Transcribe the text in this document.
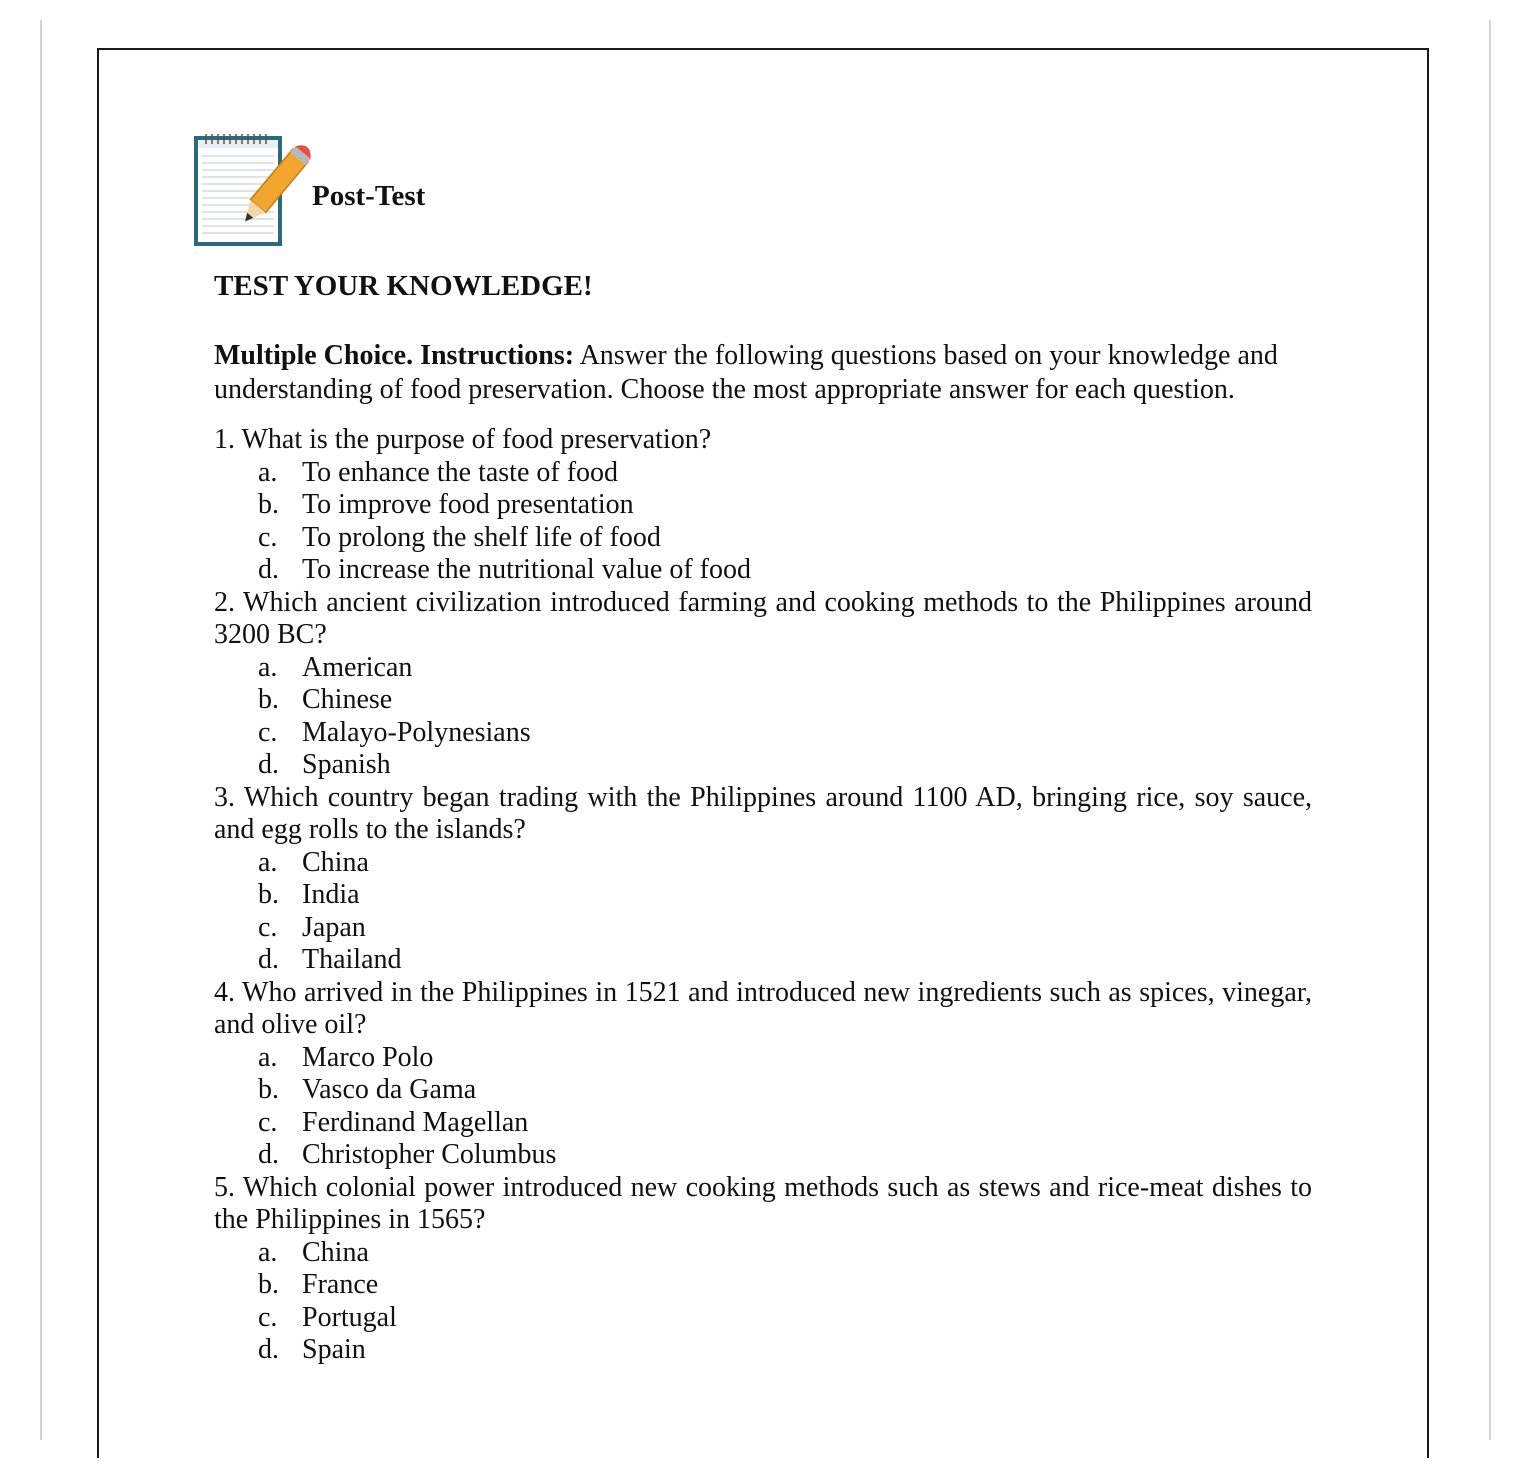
Post-Test
TEST YOUR KNOWLEDGE!

Multiple Choice. Instructions: Answer the following questions based on your knowledge and understanding of food preservation. Choose the most appropriate answer for each question.

1. What is the purpose of food preservation?

a. To enhance the taste of food
b. To improve food presentation
c. To prolong the shelf life of food
d. To increase the nutritional value of food

2. Which ancient civilization introduced farming and cooking methods to the Philippines around 3200 BC?

a. American
b. Chinese
c. Malayo-Polynesians
d. Spanish

3. Which country began trading with the Philippines around 1100 AD, bringing rice, soy sauce, and egg rolls to the islands?

a. China
b. India
c. Japan
d. Thailand

4. Who arrived in the Philippines in 1521 and introduced new ingredients such as spices, vinegar, and olive oil?

a. Marco Polo
b. Vasco da Gama
c. Ferdinand Magellan
d. Christopher Columbus

5. Which colonial power introduced new cooking methods such as stews and rice-meat dishes to the Philippines in 1565?

a. China
b. France
c. Portugal
d. Spain
